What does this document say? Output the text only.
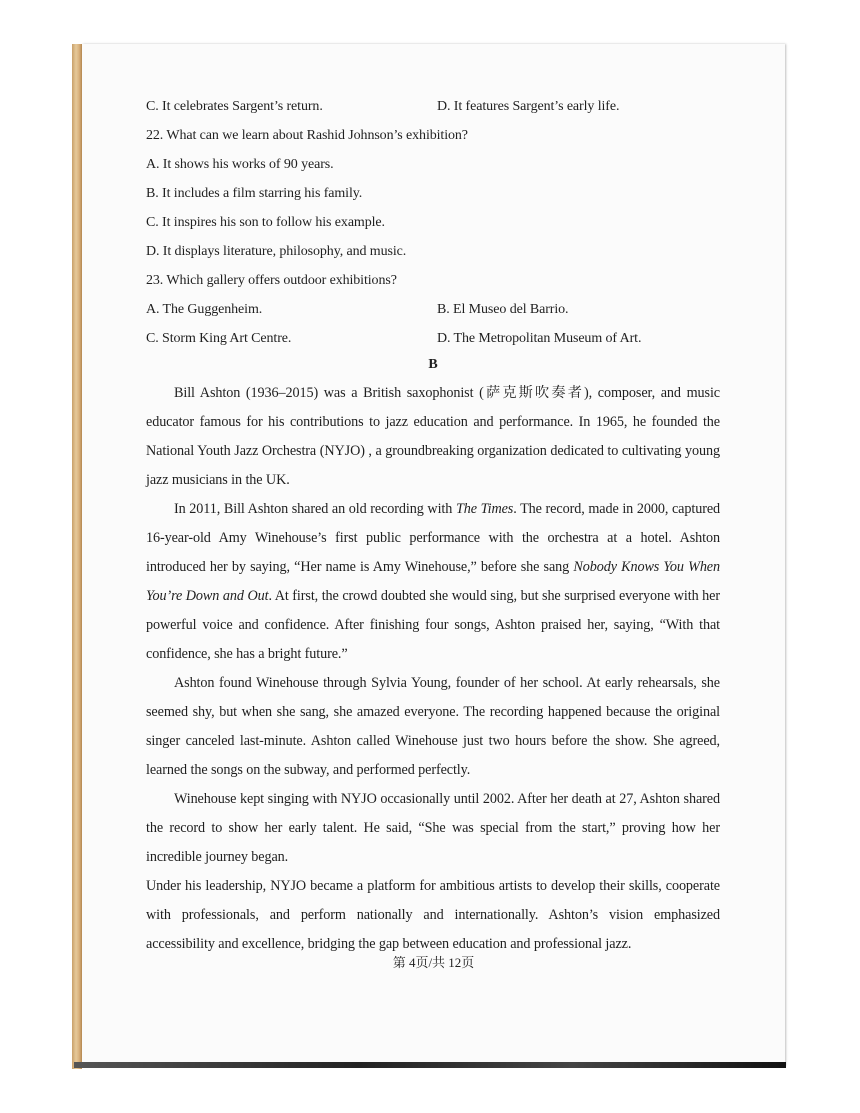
C. It celebrates Sargent’s return.	D. It features Sargent’s early life.
22. What can we learn about Rashid Johnson’s exhibition?
A. It shows his works of 90 years.
B. It includes a film starring his family.
C. It inspires his son to follow his example.
D. It displays literature, philosophy, and music.
23. Which gallery offers outdoor exhibitions?
A. The Guggenheim.	B. El Museo del Barrio.
C. Storm King Art Centre.	D. The Metropolitan Museum of Art.
B

Bill Ashton (1936–2015) was a British saxophonist (萨克斯吹奏者), composer, and music educator famous for his contributions to jazz education and performance. In 1965, he founded the National Youth Jazz Orchestra (NYJO) , a groundbreaking organization dedicated to cultivating young jazz musicians in the UK.

In 2011, Bill Ashton shared an old recording with The Times. The record, made in 2000, captured 16-year-old Amy Winehouse’s first public performance with the orchestra at a hotel. Ashton introduced her by saying, “Her name is Amy Winehouse,” before she sang Nobody Knows You When You’re Down and Out. At first, the crowd doubted she would sing, but she surprised everyone with her powerful voice and confidence. After finishing four songs, Ashton praised her, saying, “With that confidence, she has a bright future.”

Ashton found Winehouse through Sylvia Young, founder of her school. At early rehearsals, she seemed shy, but when she sang, she amazed everyone. The recording happened because the original singer canceled last-minute. Ashton called Winehouse just two hours before the show. She agreed, learned the songs on the subway, and performed perfectly.

Winehouse kept singing with NYJO occasionally until 2002. After her death at 27, Ashton shared the record to show her early talent. He said, “She was special from the start,” proving how her incredible journey began.

Under his leadership, NYJO became a platform for ambitious artists to develop their skills, cooperate with professionals, and perform nationally and internationally. Ashton’s vision emphasized accessibility and excellence, bridging the gap between education and professional jazz.

第 4页/共 12页
